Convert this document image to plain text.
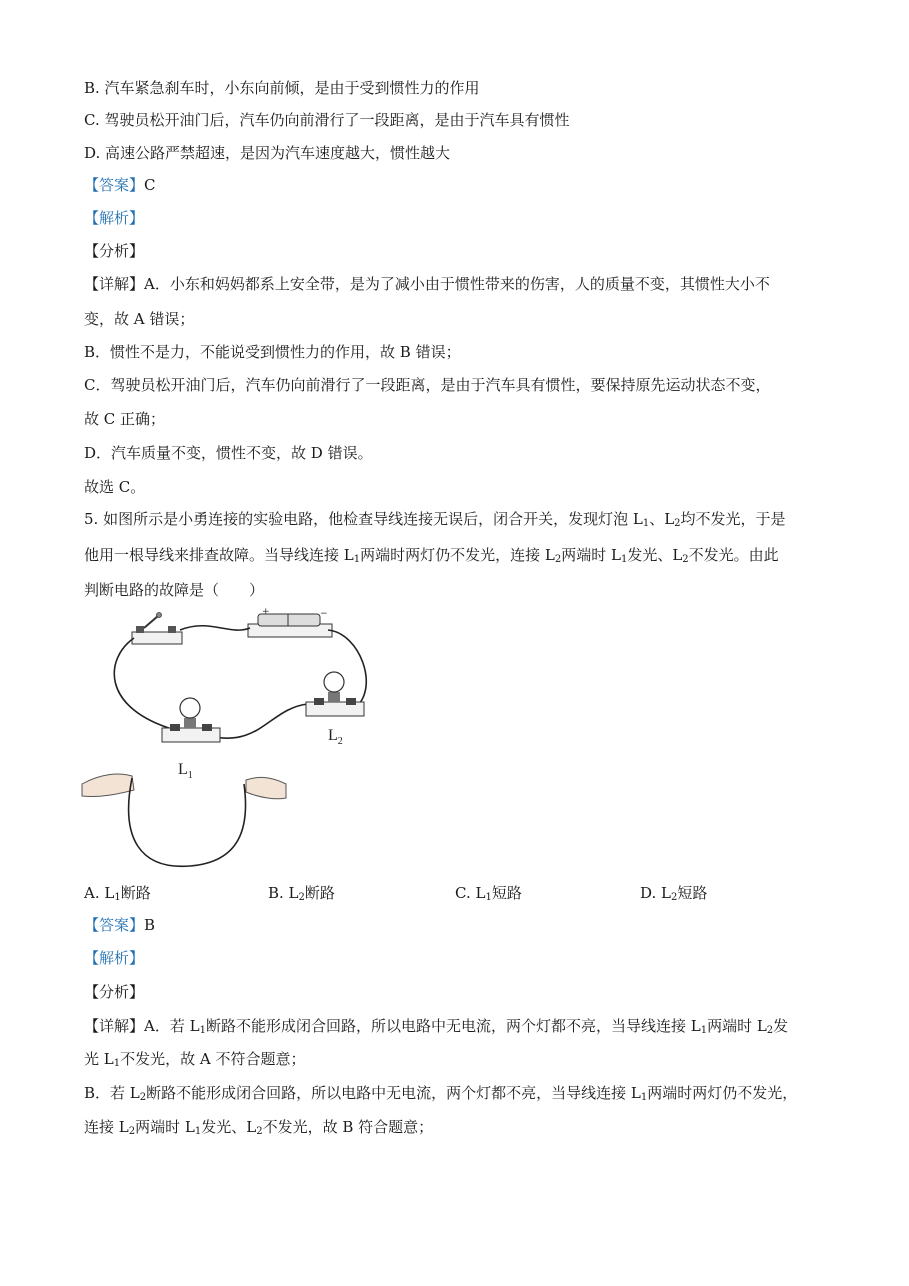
B. 汽车紧急刹车时，小东向前倾，是由于受到惯性力的作用
C. 驾驶员松开油门后，汽车仍向前滑行了一段距离，是由于汽车具有惯性
D. 高速公路严禁超速，是因为汽车速度越大，惯性越大
【答案】C
【解析】
【分析】
【详解】A．小东和妈妈都系上安全带，是为了减小由于惯性带来的伤害，人的质量不变，其惯性大小不
变，故 A 错误；
B．惯性不是力，不能说受到惯性力的作用，故 B 错误；
C．驾驶员松开油门后，汽车仍向前滑行了一段距离，是由于汽车具有惯性，要保持原先运动状态不变，
故 C 正确；
D．汽车质量不变，惯性不变，故 D 错误。
故选 C。
5. 如图所示是小勇连接的实验电路，他检查导线连接无误后，闭合开关，发现灯泡 $L_1$、$L_2$均不发光，于是
他用一根导线来排查故障。当导线连接 $L_1$两端时两灯仍不发光，连接 $L_2$两端时 $L_1$发光、$L_2$不发光。由此
判断电路的故障是（　　）
+	−
$L_1$
$L_2$
A. $L_1$断路	B. $L_2$断路	C. $L_1$短路	D. $L_2$短路
【答案】B
【解析】
【分析】
【详解】A．若 $L_1$断路不能形成闭合回路，所以电路中无电流，两个灯都不亮，当导线连接 $L_1$两端时 $L_2$发
光 $L_1$不发光，故 A 不符合题意；
B．若 $L_2$断路不能形成闭合回路，所以电路中无电流，两个灯都不亮，当导线连接 $L_1$两端时两灯仍不发光，
连接 $L_2$两端时 $L_1$发光、$L_2$不发光，故 B 符合题意；
